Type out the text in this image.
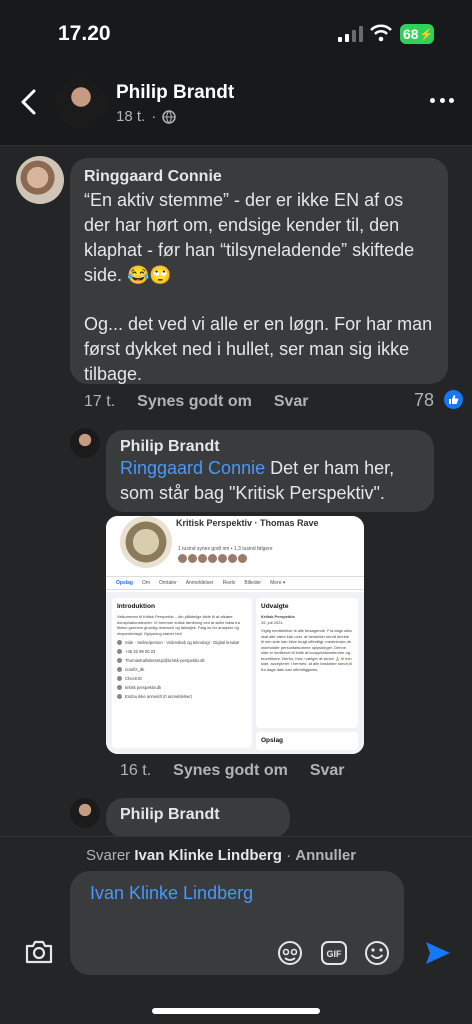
17.20	68 ⚡
Philip Brandt
18 t. ·
Ringgaard Connie
“En aktiv stemme” - der er ikke EN af os der har hørt om, endsige kender til, den klaphat - før han “tilsyneladende” skiftede side. 😂🙄
Og... det ved vi alle er en løgn. For har man først dykket ned i hullet, ser man sig ikke tilbage.
17 t. Synes godt om Svar	78
Philip Brandt
Ringgaard Connie Det er ham her, som står bag "Kritisk Perspektiv".
Kritisk Perspektiv · Thomas Rave
1 tusind synes godt om • 1,3 tusind følgere
Opslag Om Omtaler Anmeldelser Reels Billeder Mere ▾
Introduktion
Velkommen til Kritisk Perspektiv – din pålidelige kilde til at afsløre konspirationsteorier. Vi fremmer kritisk tænkning ved at skille fakta fra fiktion gennem grundig research og faktatjek. Følg os for analyser og ekspertindsigt. Oplysning starter her!
Side · Seilne/person · Videnskab og teknologi · Digital kreatør
+45 32 99 00 23
ThomasKalliskestrup@kritisk-perspektiv.dk
cranfct_dk
ChecKIO
kritisk perspektiv.dk
Endnu ikke anmeldt (0 anmeldelser)
Udvalgte
Kritisk Perspektiv
26. juli 2024
Vigtig meddelelse til alle besøgende. Fra dags dato skal alle være klar over, at beskeder sendt direkte til min side kan blive brugt offentligt, medmindre de indeholder personfølsomme oplysninger. Denne side er dedikeret til kritik af konspirationsteorier og -teoretikere. Derfor, hvis I vælger at skrive 🙏 til min side, accepterer I hermed, at alle beskeder sendt til fra dags dato kan offentliggøres.
Opslag
16 t. Synes godt om Svar
Philip Brandt
Svarer Ivan Klinke Lindberg · Annuller
Ivan Klinke Lindberg
GIF
